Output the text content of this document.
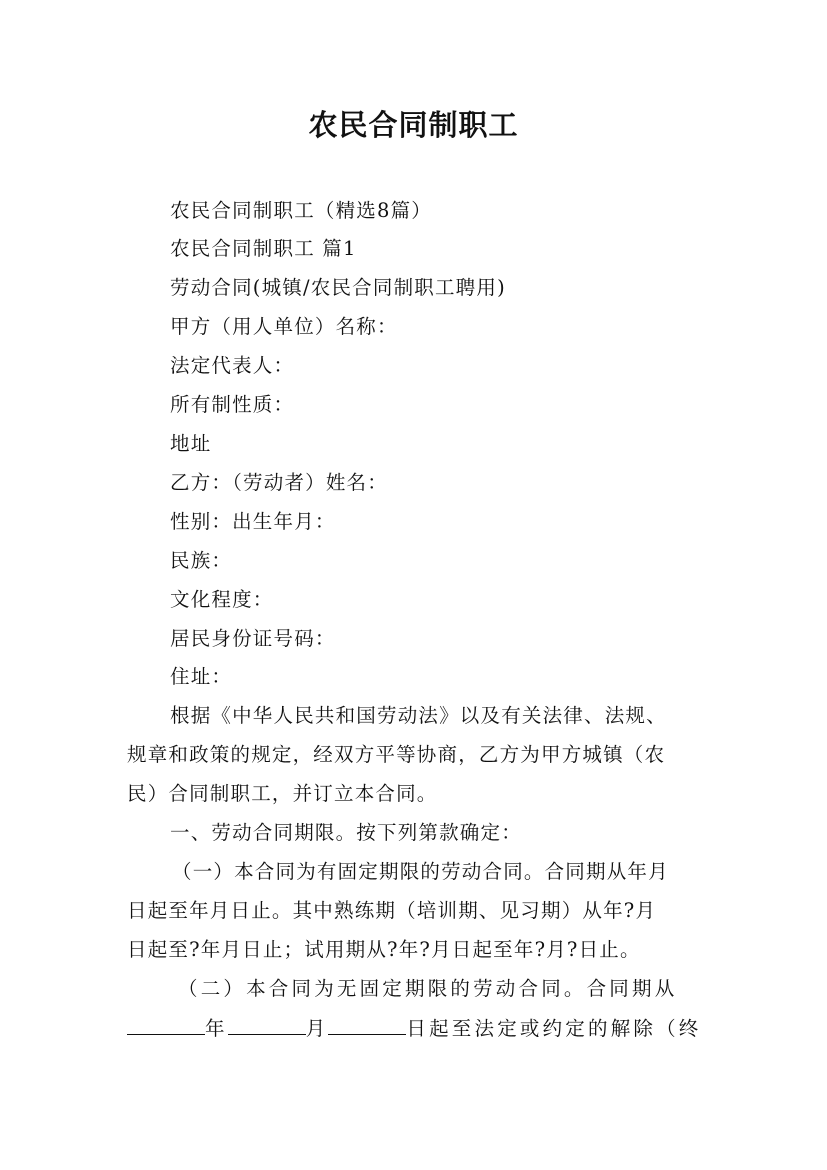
农民合同制职工
农民合同制职工（精选8篇）
农民合同制职工 篇1
劳动合同(城镇/农民合同制职工聘用)
甲方（用人单位）名称：
法定代表人：
所有制性质：
地址
乙方：（劳动者）姓名：
性别：出生年月：
民族：
文化程度：
居民身份证号码：
住址：
根据《中华人民共和国劳动法》以及有关法律、法规、
规章和政策的规定，经双方平等协商，乙方为甲方城镇（农
民）合同制职工，并订立本合同。
一、劳动合同期限。按下列第款确定：
（一）本合同为有固定期限的劳动合同。合同期从年月
日起至年月日止。其中熟练期（培训期、见习期）从年?月
日起至?年月日止；试用期从?年?月日起至年?月?日止。
（二）本合同为无固定期限的劳动合同。合同期从
年	月	日起至法定或约定的解除（终
